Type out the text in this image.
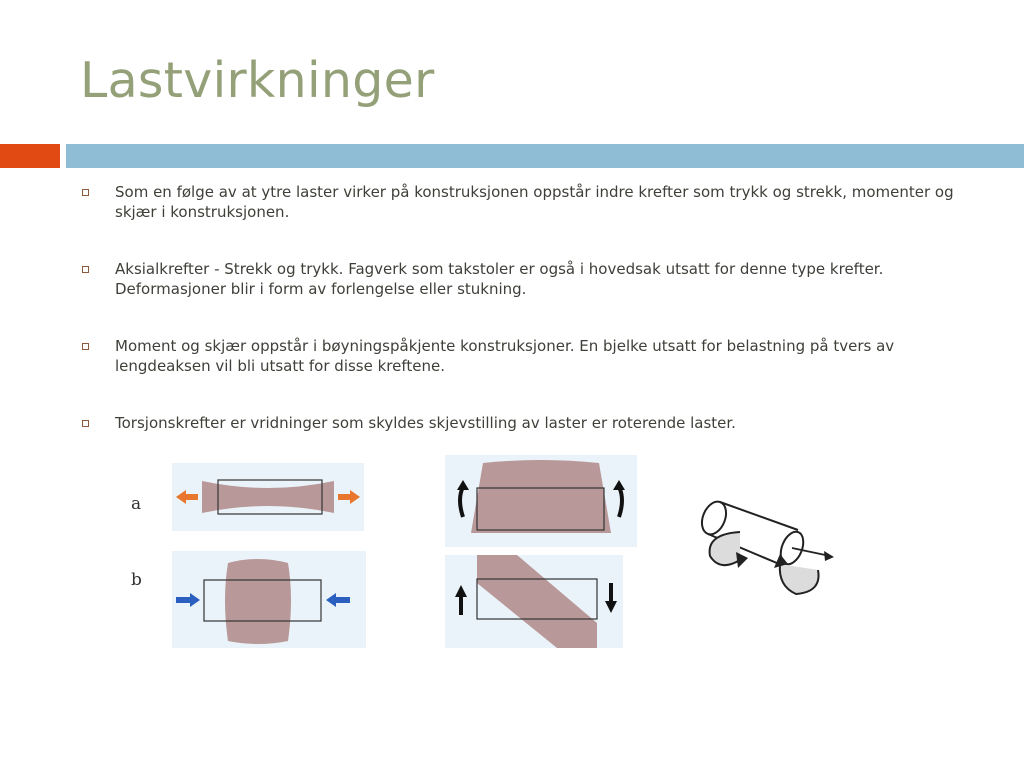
Lastvirkninger
Som en følge av at ytre laster virker på konstruksjonen oppstår indre krefter som trykk og strekk, momenter og skjær i konstruksjonen.
Aksialkrefter - Strekk og trykk. Fagverk som takstoler er også i hovedsak utsatt for denne type krefter. Deformasjoner blir i form av forlengelse eller stukning.
Moment og skjær oppstår i bøyningspåkjente konstruksjoner. En bjelke utsatt for belastning på tvers av lengdeaksen vil bli utsatt for disse kreftene.
Torsjonskrefter er vridninger som skyldes skjevstilling av laster er roterende laster.
a
b
